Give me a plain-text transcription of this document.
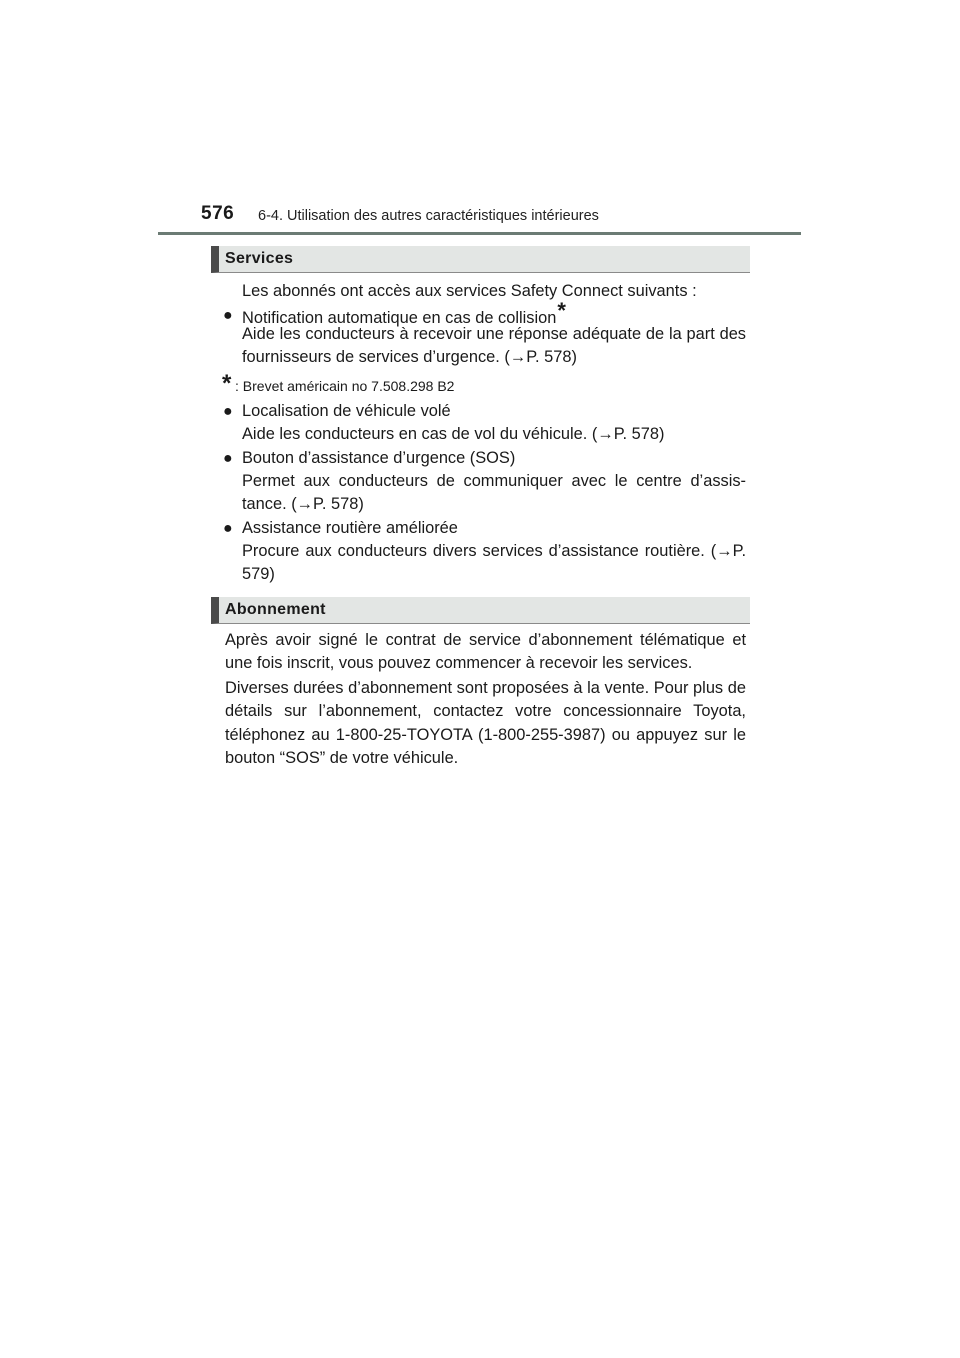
576 6-4. Utilisation des autres caractéristiques intérieures
Services
Les abonnés ont accès aux services Safety Connect suivants :
● Notification automatique en cas de collision*
Aide les conducteurs à recevoir une réponse adéquate de la part des fournisseurs de services d’urgence. (→P. 578)
* : Brevet américain no 7.508.298 B2
● Localisation de véhicule volé
Aide les conducteurs en cas de vol du véhicule. (→P. 578)
● Bouton d’assistance d’urgence (SOS)
Permet aux conducteurs de communiquer avec le centre d’assis-tance. (→P. 578)
● Assistance routière améliorée
Procure aux conducteurs divers services d’assistance routière. (→P. 579)
Abonnement
Après avoir signé le contrat de service d’abonnement télématique et une fois inscrit, vous pouvez commencer à recevoir les services.
Diverses durées d’abonnement sont proposées à la vente. Pour plus de détails sur l’abonnement, contactez votre concessionnaire Toyota, téléphonez au 1-800-25-TOYOTA (1-800-255-3987) ou appuyez sur le bouton “SOS” de votre véhicule.
